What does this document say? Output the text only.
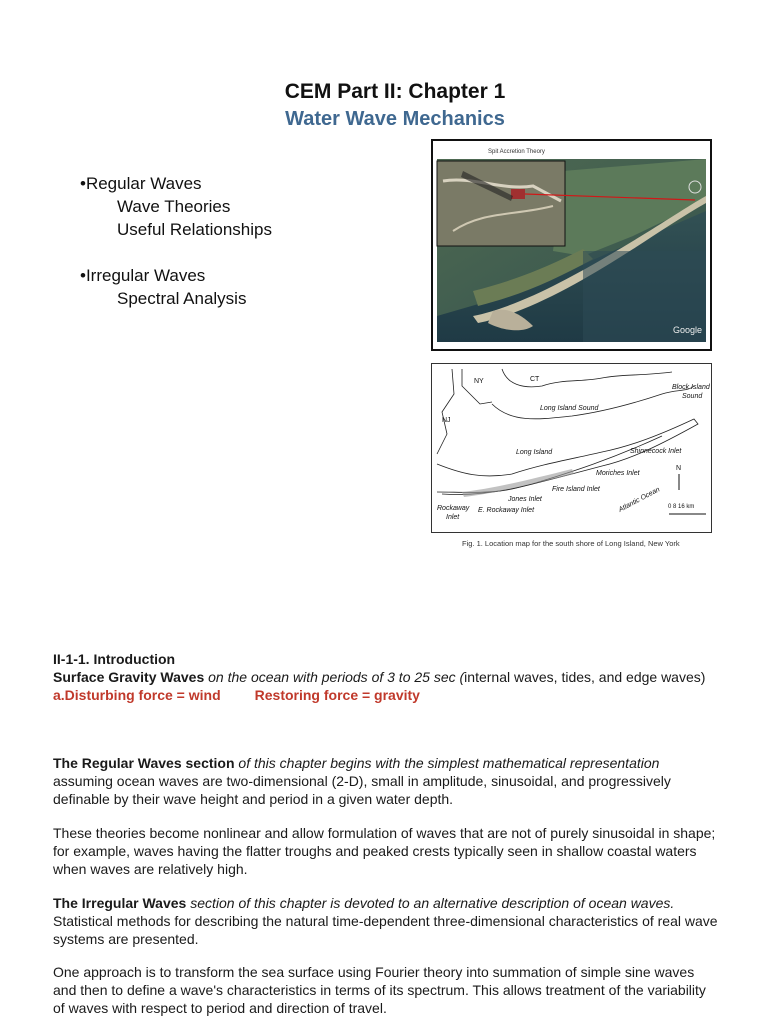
CEM Part II: Chapter 1
Water Wave Mechanics
•Regular Waves
Wave Theories
Useful Relationships
•Irregular Waves
Spectral Analysis
Spit Accretion Theory
Google
NY	CT
NJ
Block Island
Sound
Long Island Sound
Long Island	Shinnecock Inlet
Moriches Inlet
Fire Island Inlet
Jones Inlet
E. Rockaway Inlet
Rockaway
Inlet
Atlantic Ocean
N
0 8 16 km
Fig. 1. Location map for the south shore of Long Island, New York
II-1-1. Introduction
Surface Gravity Waves on the ocean with periods of 3 to 25 sec (internal waves, tides, and edge waves)
a.Disturbing force = wind Restoring force = gravity
The Regular Waves section of this chapter begins with the simplest mathematical representation assuming ocean waves are two-dimensional (2-D), small in amplitude, sinusoidal, and progressively definable by their wave height and period in a given water depth.
These theories become nonlinear and allow formulation of waves that are not of purely sinusoidal in shape; for example, waves having the flatter troughs and peaked crests typically seen in shallow coastal waters when waves are relatively high.
The Irregular Waves section of this chapter is devoted to an alternative description of ocean waves. Statistical methods for describing the natural time-dependent three-dimensional characteristics of real wave systems are presented.
One approach is to transform the sea surface using Fourier theory into summation of simple sine waves and then to define a wave's characteristics in terms of its spectrum. This allows treatment of the variability of waves with respect to period and direction of travel.
